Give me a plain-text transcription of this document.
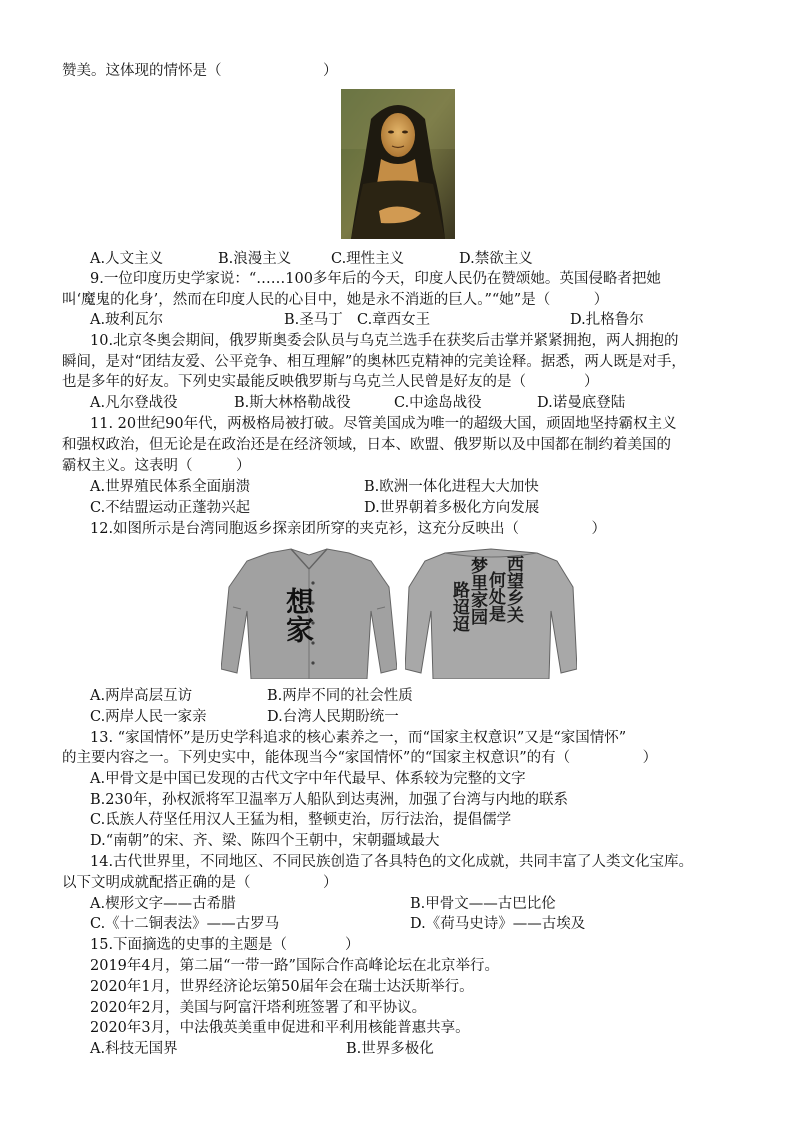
赞美。这体现的情怀是（　　　　　　　）
A.人文主义	B.浪漫主义	C.理性主义	D.禁欲主义
9.一位印度历史学家说：“……100多年后的今天，印度人民仍在赞颂她。英国侵略者把她
叫‘魔鬼的化身’，然而在印度人民的心目中，她是永不消逝的巨人。”“她”是（　　　）
A.玻利瓦尔	B.圣马丁 C.章西女王	D.扎格鲁尔
10.北京冬奥会期间，俄罗斯奥委会队员与乌克兰选手在获奖后击掌并紧紧拥抱，两人拥抱的
瞬间，是对“团结友爱、公平竞争、相互理解”的奥林匹克精神的完美诠释。据悉，两人既是对手，
也是多年的好友。下列史实最能反映俄罗斯与乌克兰人民曾是好友的是（　　　　）
A.凡尔登战役	B.斯大林格勒战役	C.中途岛战役	D.诺曼底登陆
11. 20世纪90年代，两极格局被打破。尽管美国成为唯一的超级大国，顽固地坚持霸权主义
和强权政治，但无论是在政治还是在经济领域，日本、欧盟、俄罗斯以及中国都在制约着美国的
霸权主义。这表明（　　　）
A.世界殖民体系全面崩溃	B.欧洲一体化进程大大加快
C.不结盟运动正蓬勃兴起	D.世界朝着多极化方向发展
12.如图所示是台湾同胞返乡探亲团所穿的夹克衫，这充分反映出（　　　　　）
想家	西望乡关
何处是
梦里家园
路迢迢
A.两岸高层互访	B.两岸不同的社会性质
C.两岸人民一家亲	D.台湾人民期盼统一
13. “家国情怀”是历史学科追求的核心素养之一，而“国家主权意识”又是“家国情怀”
的主要内容之一。下列史实中，能体现当今“家国情怀”的“国家主权意识”的有（　　　　　）
A.甲骨文是中国已发现的古代文字中年代最早、体系较为完整的文字
B.230年，孙权派将军卫温率万人船队到达夷洲，加强了台湾与内地的联系
C.氐族人苻坚任用汉人王猛为相，整顿吏治，厉行法治，提倡儒学
D.“南朝”的宋、齐、梁、陈四个王朝中，宋朝疆域最大
14.古代世界里，不同地区、不同民族创造了各具特色的文化成就，共同丰富了人类文化宝库。
以下文明成就配搭正确的是（　　　　　）
A.楔形文字——古希腊	B.甲骨文——古巴比伦
C.《十二铜表法》——古罗马	D.《荷马史诗》——古埃及
15.下面摘选的史事的主题是（　　　　）
2019年4月，第二届“一带一路”国际合作高峰论坛在北京举行。
2020年1月，世界经济论坛第50届年会在瑞士达沃斯举行。
2020年2月，美国与阿富汗塔利班签署了和平协议。
2020年3月，中法俄英美重申促进和平利用核能普惠共享。
A.科技无国界	B.世界多极化
